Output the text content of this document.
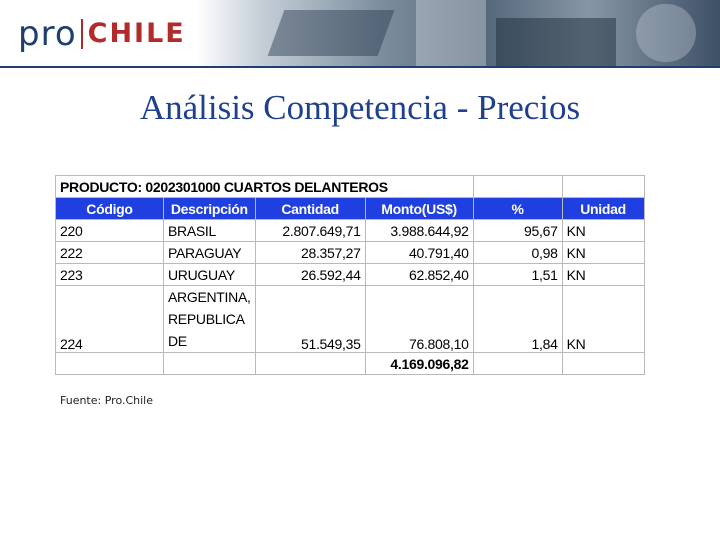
pro CHILE
Análisis Competencia - Precios
PRODUCTO: 0202301000 CUARTOS DELANTEROS					
Código	Descripción	Cantidad	Monto(US$)	%	Unidad
220	BRASIL	2.807.649,71	3.988.644,92	95,67	KN
222	PARAGUAY	28.357,27	40.791,40	0,98	KN
223	URUGUAY	26.592,44	62.852,40	1,51	KN
224	ARGENTINA,
REPUBLICA
DE	51.549,35	76.808,10	1,84	KN
			4.169.096,82		
Fuente: Pro.Chile
